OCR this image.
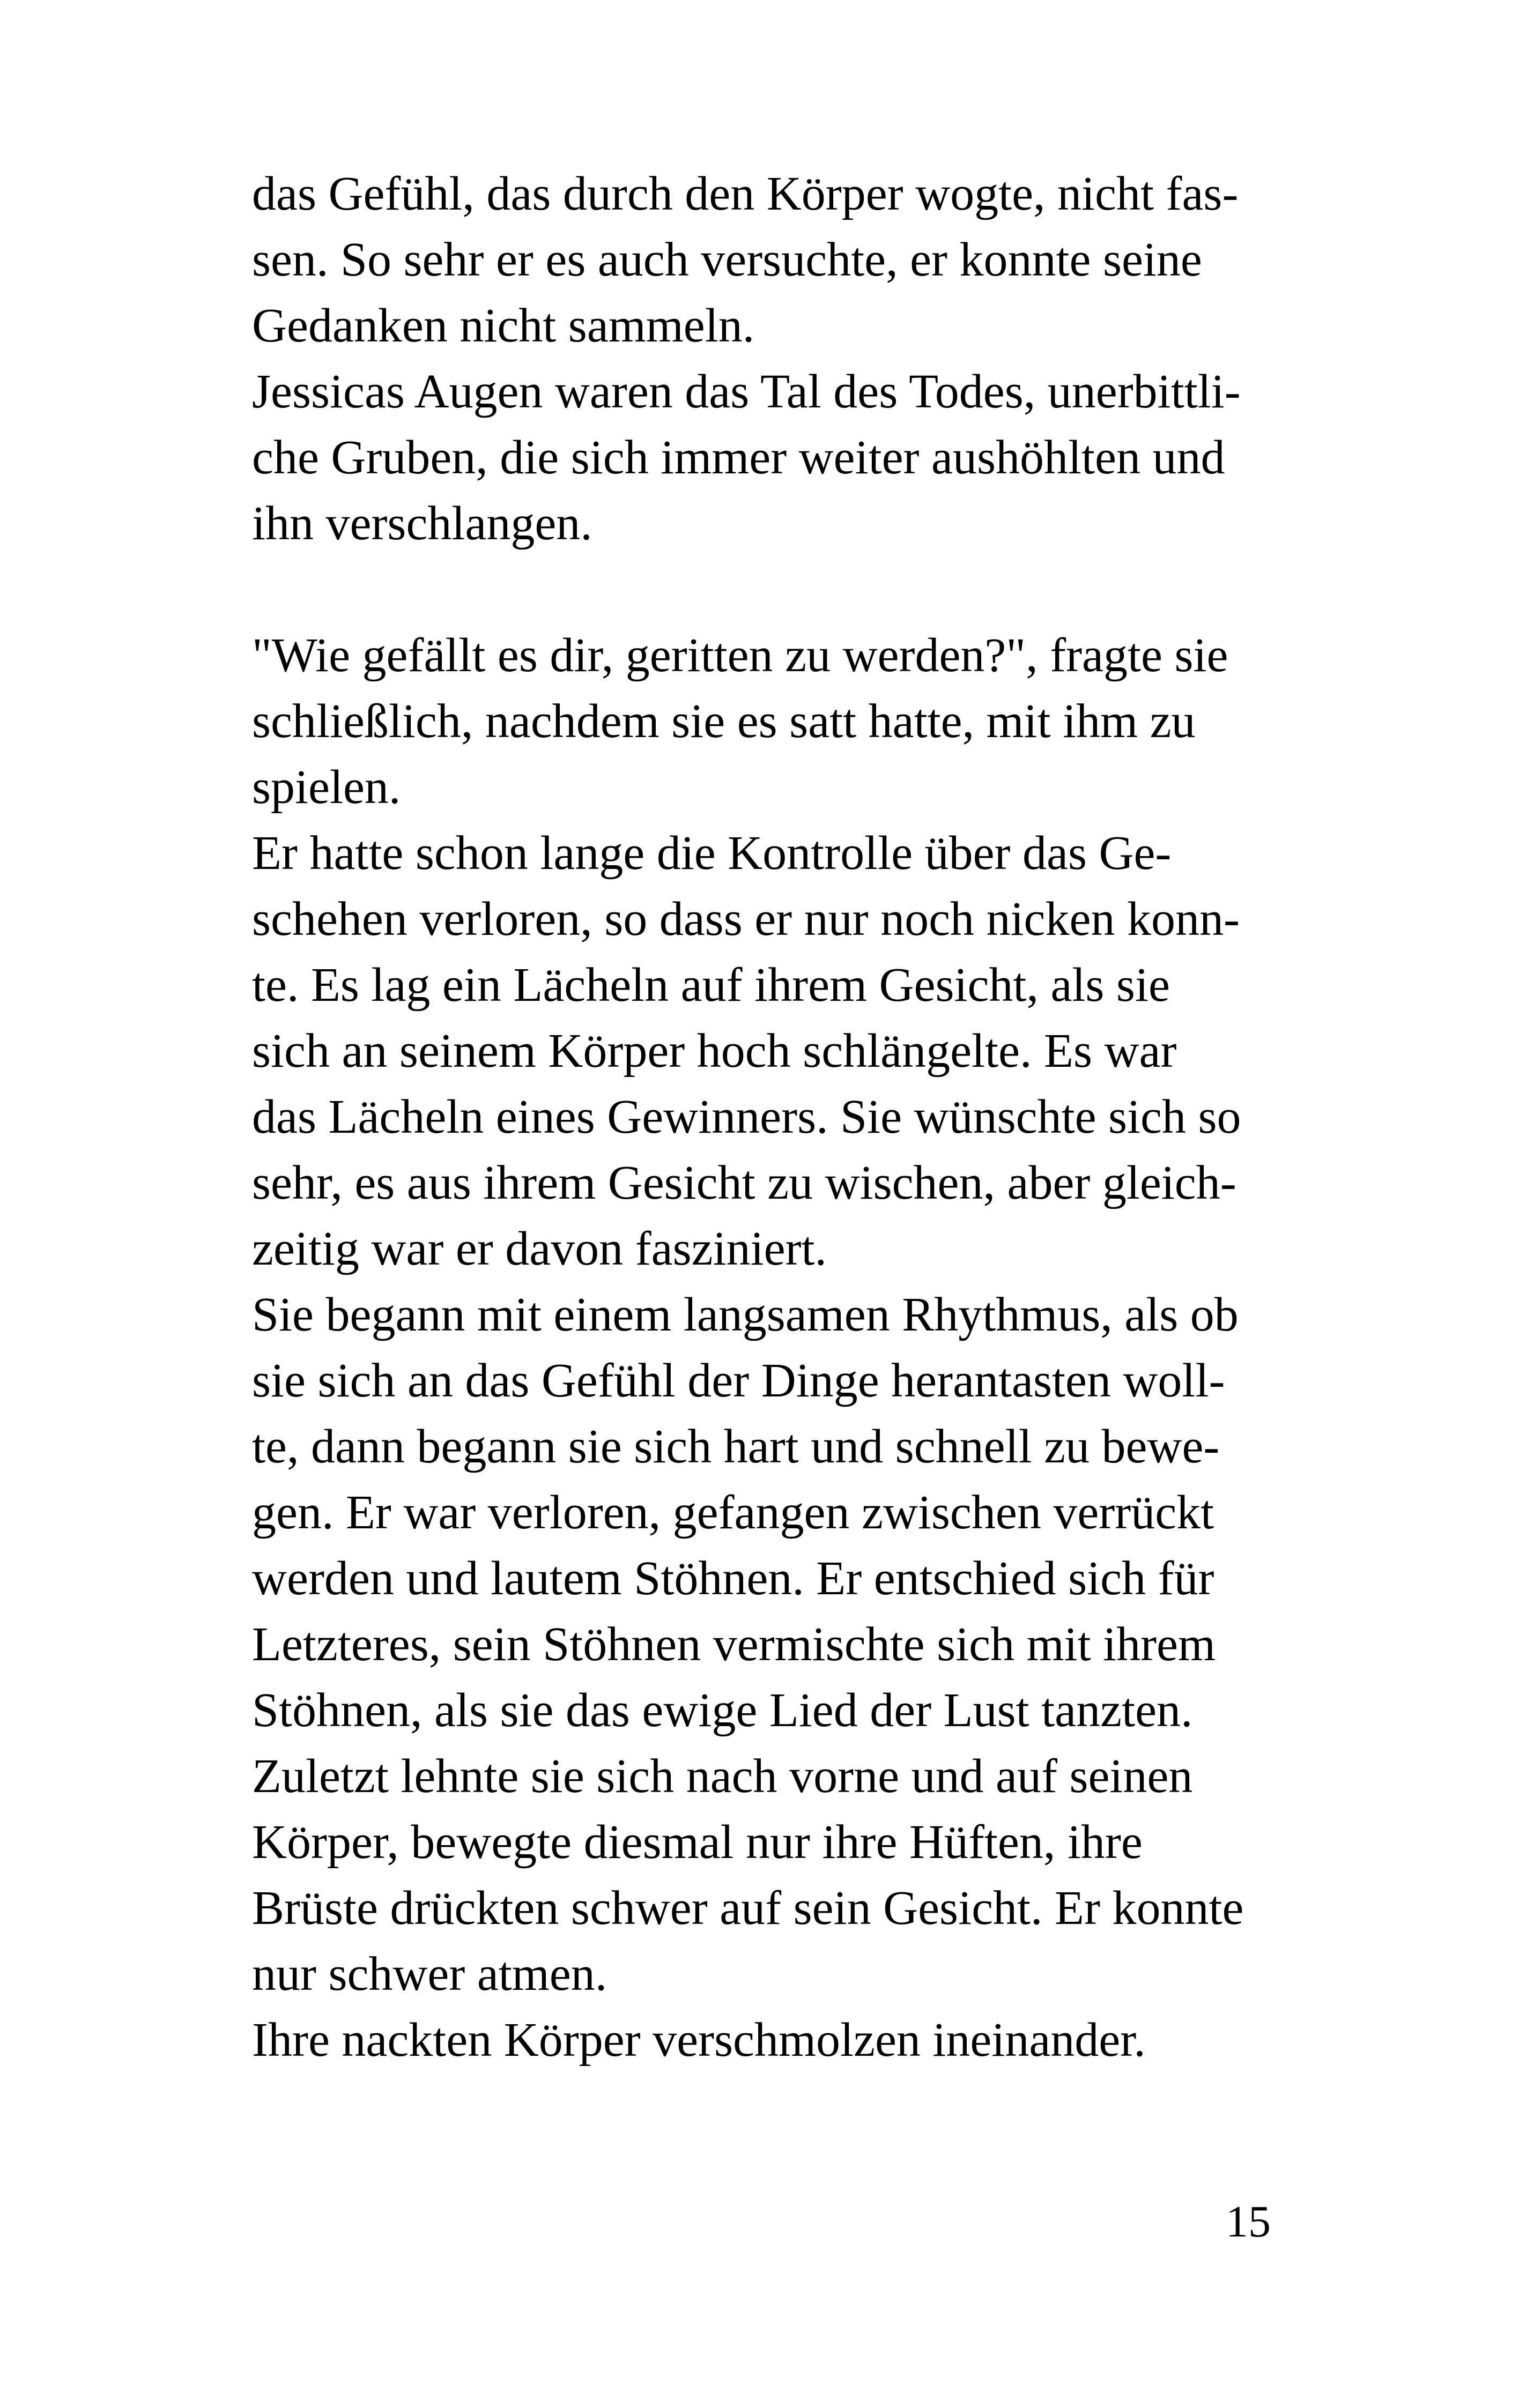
das Gefühl, das durch den Körper wogte, nicht fas-
sen. So sehr er es auch versuchte, er konnte seine
Gedanken nicht sammeln.
Jessicas Augen waren das Tal des Todes, unerbittli-
che Gruben, die sich immer weiter aushöhlten und
ihn verschlangen.
"Wie gefällt es dir, geritten zu werden?", fragte sie
schließlich, nachdem sie es satt hatte, mit ihm zu
spielen.
Er hatte schon lange die Kontrolle über das Ge-
schehen verloren, so dass er nur noch nicken konn-
te. Es lag ein Lächeln auf ihrem Gesicht, als sie
sich an seinem Körper hoch schlängelte. Es war
das Lächeln eines Gewinners. Sie wünschte sich so
sehr, es aus ihrem Gesicht zu wischen, aber gleich-
zeitig war er davon fasziniert.
Sie begann mit einem langsamen Rhythmus, als ob
sie sich an das Gefühl der Dinge herantasten woll-
te, dann begann sie sich hart und schnell zu bewe-
gen. Er war verloren, gefangen zwischen verrückt
werden und lautem Stöhnen. Er entschied sich für
Letzteres, sein Stöhnen vermischte sich mit ihrem
Stöhnen, als sie das ewige Lied der Lust tanzten.
Zuletzt lehnte sie sich nach vorne und auf seinen
Körper, bewegte diesmal nur ihre Hüften, ihre
Brüste drückten schwer auf sein Gesicht. Er konnte
nur schwer atmen.
Ihre nackten Körper verschmolzen ineinander.
15
